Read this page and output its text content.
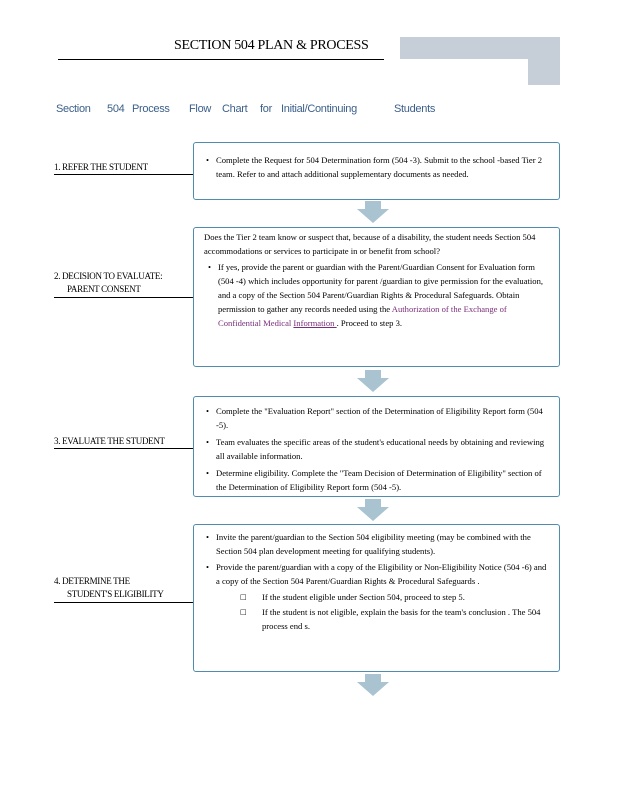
SECTION 504 PLAN & PROCESS
Section 504 Process Flow Chart for Initial/Continuing	Students
1. REFER THE STUDENT

• Complete the Request for 504 Determination form (504 -3). Submit to the school -based Tier 2 team. Refer to and attach additional supplementary documents as needed.

2. DECISION TO EVALUATE:
PARENT CONSENT

Does the Tier 2 team know or suspect that, because of a disability, the student needs Section 504 accommodations or services to participate in or benefit from school?

• If yes, provide the parent or guardian with the Parent/Guardian Consent for Evaluation form (504 -4) which includes opportunity for parent /guardian to give permission for the evaluation, and a copy of the Section 504 Parent/Guardian Rights & Procedural Safeguards. Obtain permission to gather any records needed using the Authorization of the Exchange of Confidential Medical Information . Proceed to step 3.

3. EVALUATE THE STUDENT

• Complete the "Evaluation Report" section of the Determination of Eligibility Report form (504 -5).

• Team evaluates the specific areas of the student's educational needs by obtaining and reviewing all available information.

• Determine eligibility. Complete the "Team Decision of Determination of Eligibility" section of the Determination of Eligibility Report form (504 -5).

4. DETERMINE THE
STUDENT'S ELIGIBILITY

• Invite the parent/guardian to the Section 504 eligibility meeting (may be combined with the Section 504 plan development meeting for qualifying students).

• Provide the parent/guardian with a copy of the Eligibility or Non-Eligibility Notice (504 -6) and a copy of the Section 504 Parent/Guardian Rights & Procedural Safeguards .

□ If the student eligible under Section 504, proceed to step 5.

□ If the student is not eligible, explain the basis for the team's conclusion . The 504 process end s.
